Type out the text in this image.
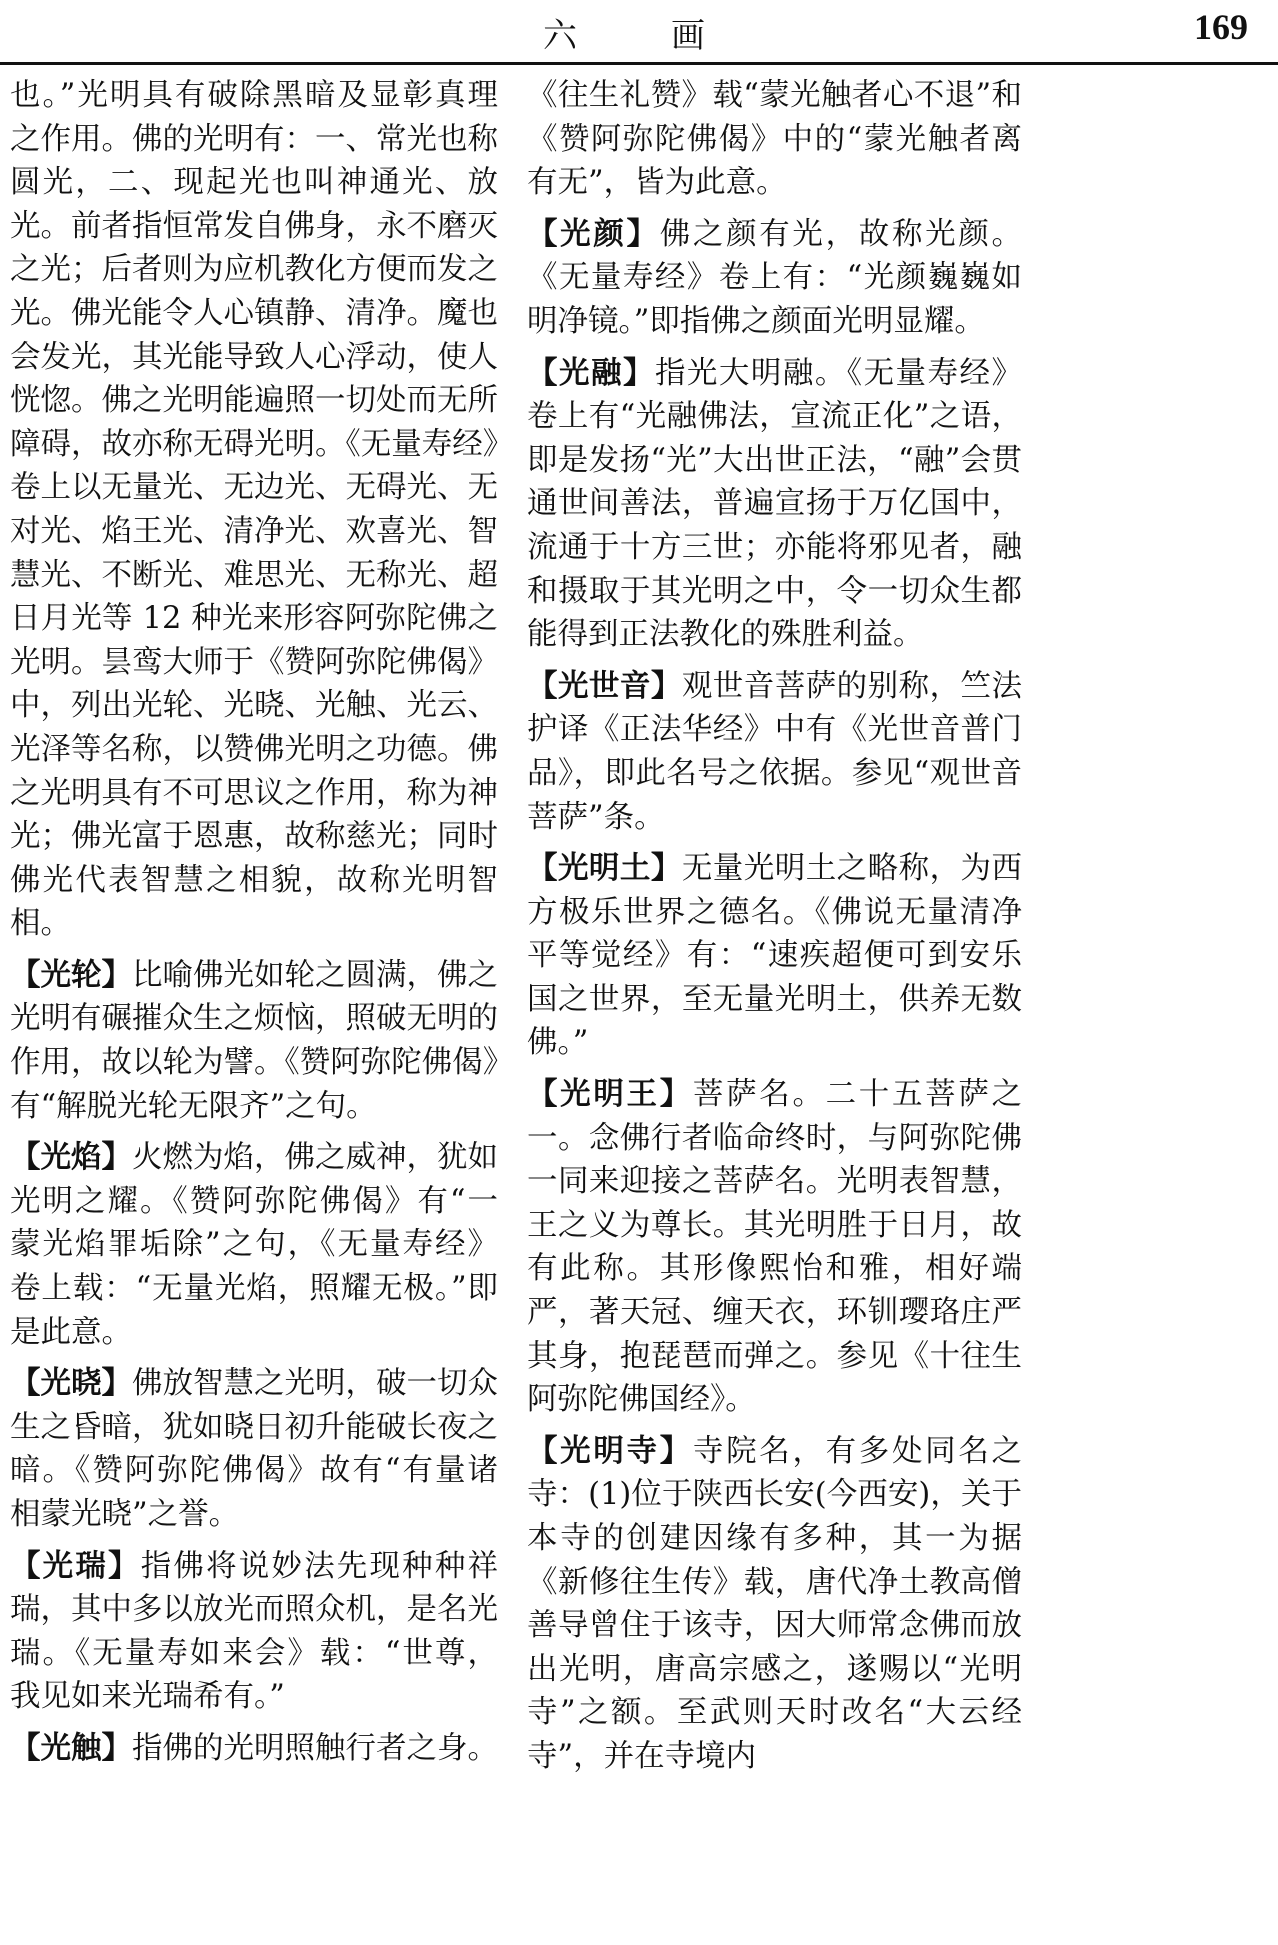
六　画	169

也。”光明具有破除黑暗及显彰真理之作用。佛的光明有：一、常光也称圆光，二、现起光也叫神通光、放光。前者指恒常发自佛身，永不磨灭之光；后者则为应机教化方便而发之光。佛光能令人心镇静、清净。魔也会发光，其光能导致人心浮动，使人恍惚。佛之光明能遍照一切处而无所障碍，故亦称无碍光明。《无量寿经》卷上以无量光、无边光、无碍光、无对光、焰王光、清净光、欢喜光、智慧光、不断光、难思光、无称光、超日月光等 12 种光来形容阿弥陀佛之光明。昙鸾大师于《赞阿弥陀佛偈》中，列出光轮、光晓、光触、光云、光泽等名称，以赞佛光明之功德。佛之光明具有不可思议之作用，称为神光；佛光富于恩惠，故称慈光；同时佛光代表智慧之相貌，故称光明智相。

【光轮】比喻佛光如轮之圆满，佛之光明有碾摧众生之烦恼，照破无明的作用，故以轮为譬。《赞阿弥陀佛偈》有“解脱光轮无限齐”之句。

【光焰】火燃为焰，佛之威神，犹如光明之耀。《赞阿弥陀佛偈》有“一蒙光焰罪垢除”之句，《无量寿经》卷上载：“无量光焰，照耀无极。”即是此意。

【光晓】佛放智慧之光明，破一切众生之昏暗，犹如晓日初升能破长夜之暗。《赞阿弥陀佛偈》故有“有量诸相蒙光晓”之誉。

【光瑞】指佛将说妙法先现种种祥瑞，其中多以放光而照众机，是名光瑞。《无量寿如来会》载：“世尊，我见如来光瑞希有。”

【光触】指佛的光明照触行者之身。

《往生礼赞》载“蒙光触者心不退”和《赞阿弥陀佛偈》中的“蒙光触者离有无”，皆为此意。

【光颜】佛之颜有光，故称光颜。《无量寿经》卷上有：“光颜巍巍如明净镜。”即指佛之颜面光明显耀。

【光融】指光大明融。《无量寿经》卷上有“光融佛法，宣流正化”之语，即是发扬“光”大出世正法，“融”会贯通世间善法，普遍宣扬于万亿国中，流通于十方三世；亦能将邪见者，融和摄取于其光明之中，令一切众生都能得到正法教化的殊胜利益。

【光世音】观世音菩萨的别称，竺法护译《正法华经》中有《光世音普门品》，即此名号之依据。参见“观世音菩萨”条。

【光明土】无量光明土之略称，为西方极乐世界之德名。《佛说无量清净平等觉经》有：“速疾超便可到安乐国之世界，至无量光明土，供养无数佛。”

【光明王】菩萨名。二十五菩萨之一。念佛行者临命终时，与阿弥陀佛一同来迎接之菩萨名。光明表智慧，王之义为尊长。其光明胜于日月，故有此称。其形像熙怡和雅，相好端严，著天冠、缠天衣，环钏璎珞庄严其身，抱琵琶而弹之。参见《十往生阿弥陀佛国经》。

【光明寺】寺院名，有多处同名之寺：(1)位于陕西长安(今西安)，关于本寺的创建因缘有多种，其一为据《新修往生传》载，唐代净土教高僧善导曾住于该寺，因大师常念佛而放出光明，唐高宗感之，遂赐以“光明寺”之额。至武则天时改名“大云经寺”，并在寺境内
